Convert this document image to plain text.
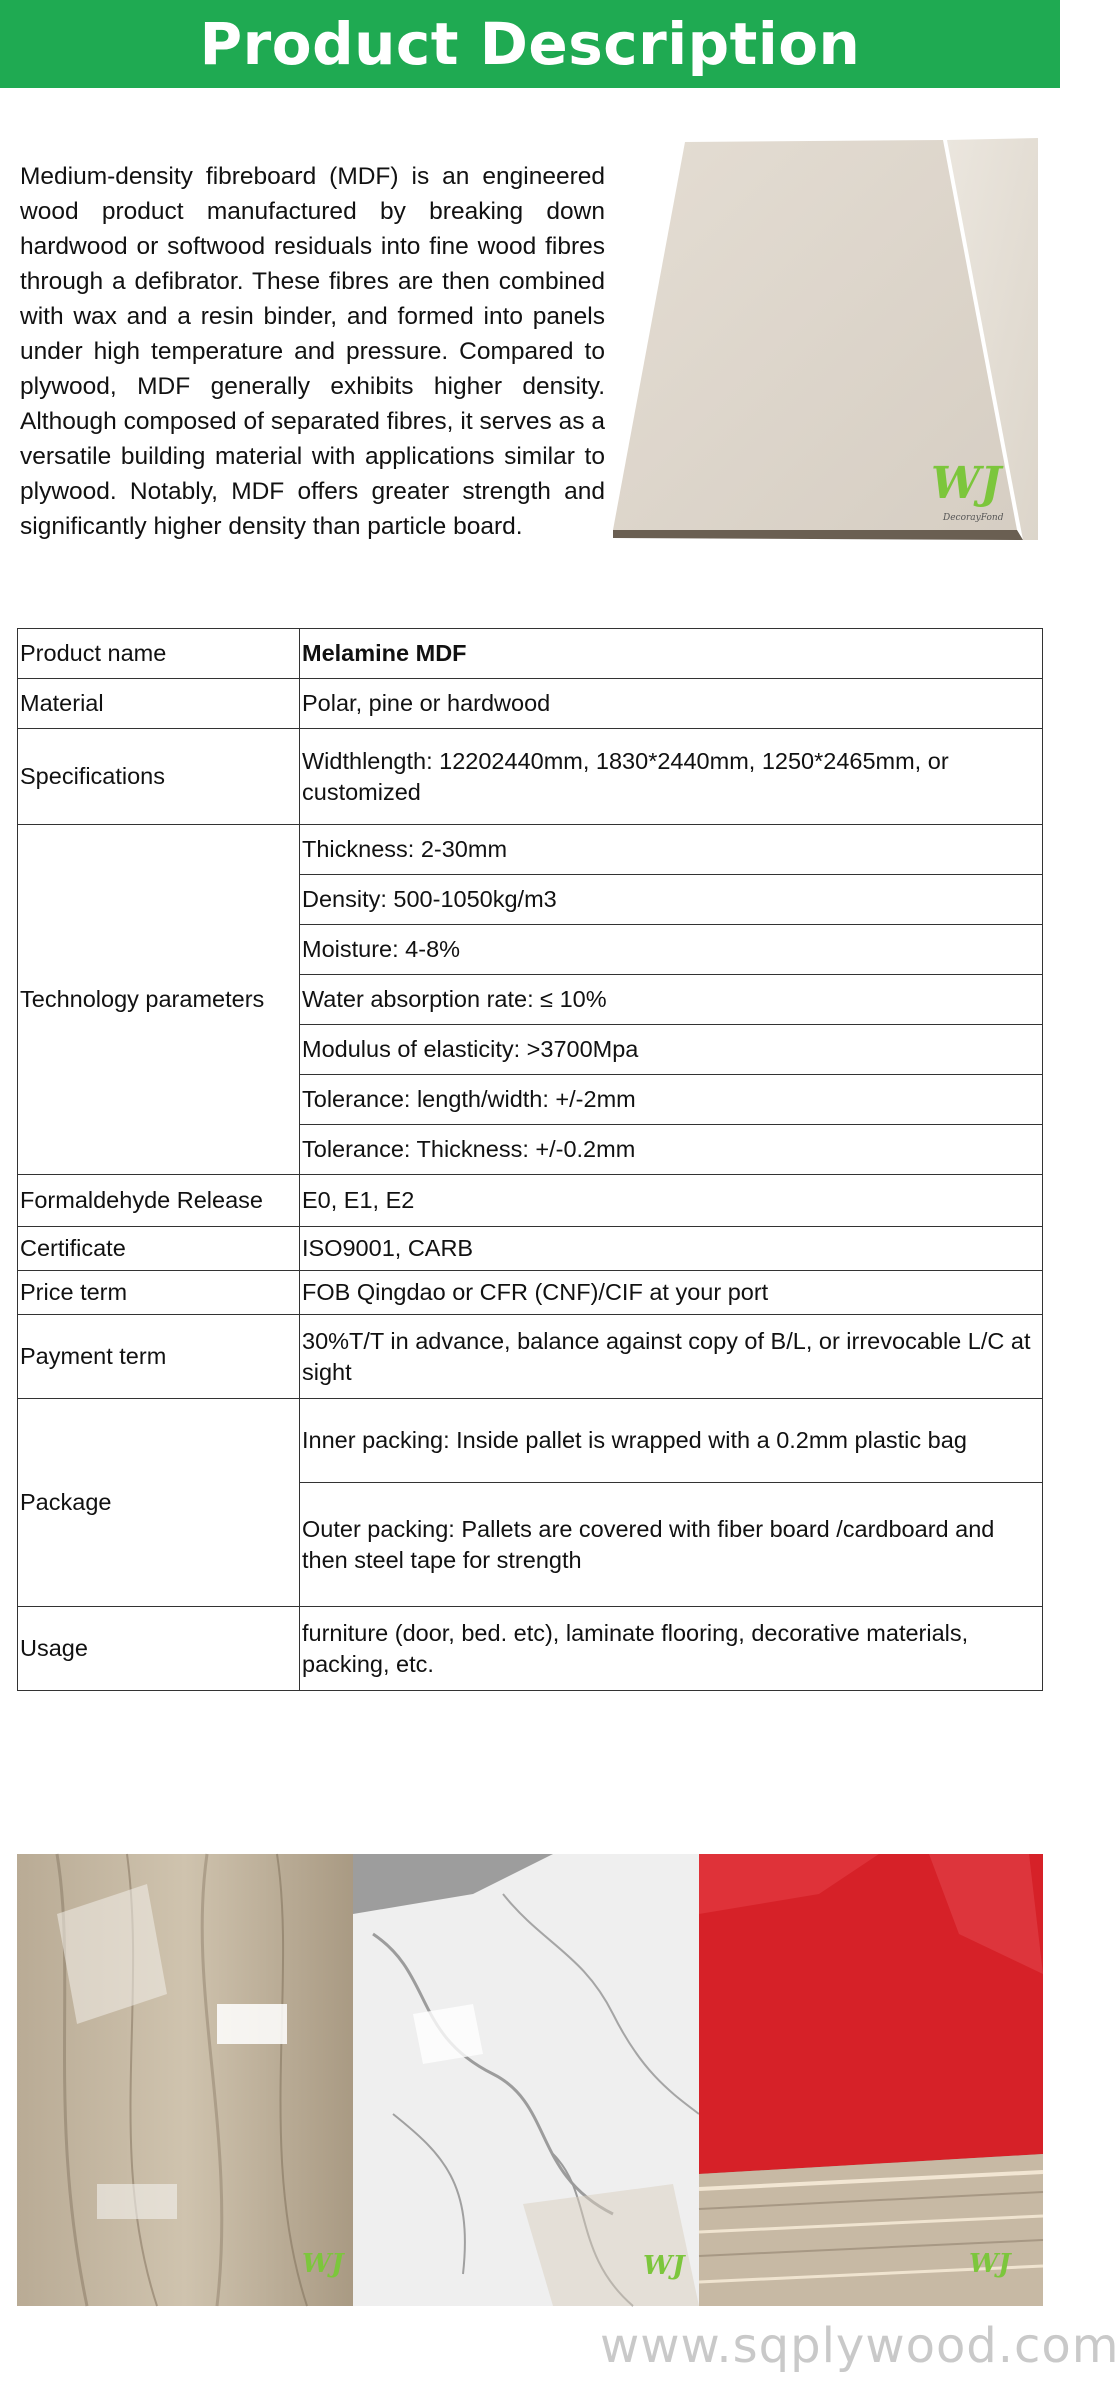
Product Description

Medium-density fibreboard (MDF) is an engineered wood product manufactured by breaking down hardwood or softwood residuals into fine wood fibres through a defibrator. These fibres are then combined with wax and a resin binder, and formed into panels under high temperature and pressure. Compared to plywood, MDF generally exhibits higher density. Although composed of separated fibres, it serves as a versatile building material with applications similar to plywood. Notably, MDF offers greater strength and significantly higher density than particle board.

WJ
DecorayFond
Product name	Melamine MDF
Material	Polar, pine or hardwood
Specifications	Widthlength: 12202440mm, 1830*2440mm, 1250*2465mm, or customized
Technology parameters	Thickness: 2-30mm
	Density: 500-1050kg/m3
	Moisture: 4-8%
	Water absorption rate: ≤ 10%
	Modulus of elasticity: >3700Mpa
	Tolerance: length/width: +/-2mm
	Tolerance: Thickness: +/-0.2mm
Formaldehyde Release	E0, E1, E2
Certificate	ISO9001, CARB
Price term	FOB Qingdao or CFR (CNF)/CIF at your port
Payment term	30%T/T in advance, balance against copy of B/L, or irrevocable L/C at sight
Package	Inner packing: Inside pallet is wrapped with a 0.2mm plastic bag
	Outer packing: Pallets are covered with fiber board /cardboard and then steel tape for strength
Usage	furniture (door, bed. etc), laminate flooring, decorative materials, packing, etc.
WJ	WJ	WJ
www.sqplywood.com
